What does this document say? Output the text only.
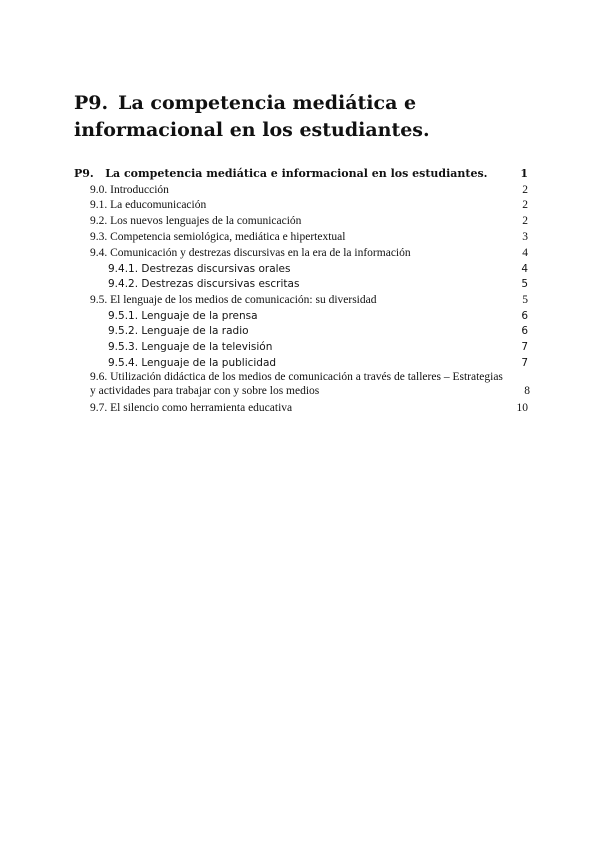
P9. La competencia mediática e
informacional en los estudiantes.
P9. La competencia mediática e informacional en los estudiantes.	1
9.0. Introducción	2
9.1. La educomunicación	2
9.2. Los nuevos lenguajes de la comunicación	2
9.3. Competencia semiológica, mediática e hipertextual	3
9.4. Comunicación y destrezas discursivas en la era de la información	4
9.4.1. Destrezas discursivas orales	4
9.4.2. Destrezas discursivas escritas	5
9.5. El lenguaje de los medios de comunicación: su diversidad	5
9.5.1. Lenguaje de la prensa	6
9.5.2. Lenguaje de la radio	6
9.5.3. Lenguaje de la televisión	7
9.5.4. Lenguaje de la publicidad	7
9.6. Utilización didáctica de los medios de comunicación a través de talleres – Estrategias y actividades para trabajar con y sobre los medios	8
9.7. El silencio como herramienta educativa	10
